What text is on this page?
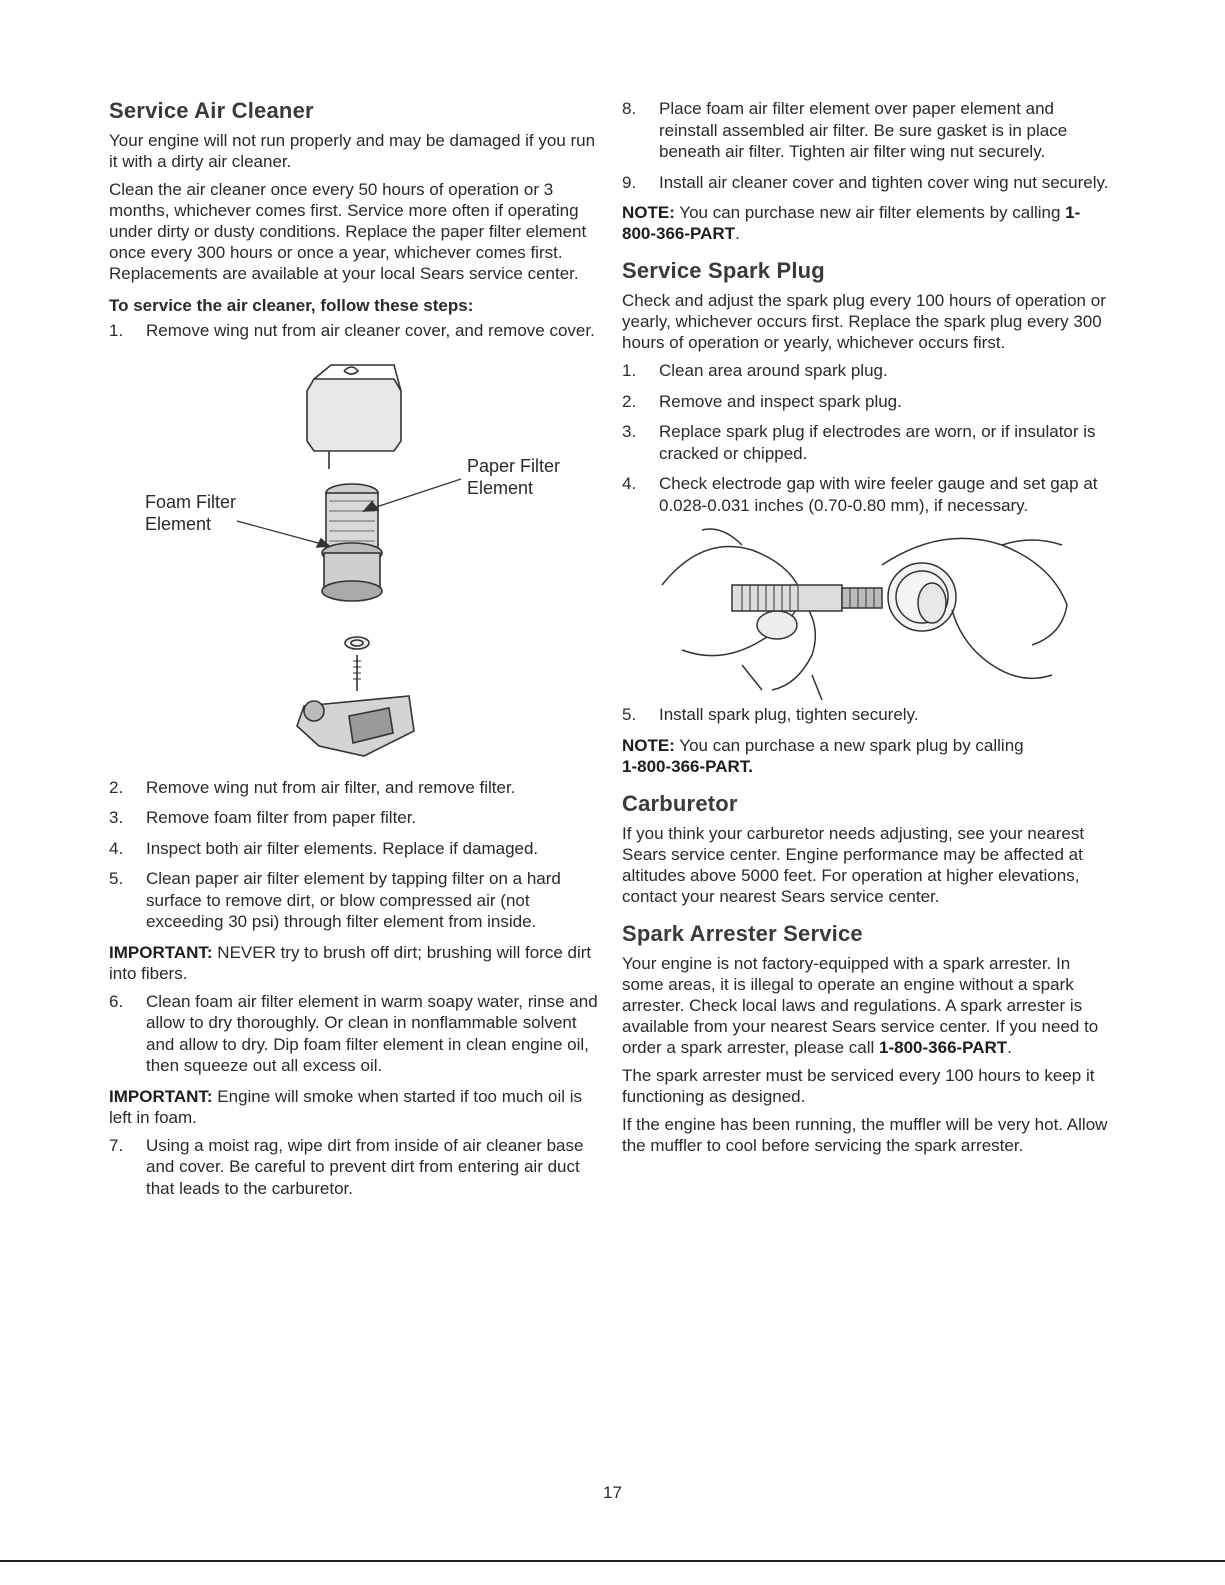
Service Air Cleaner

Your engine will not run properly and may be damaged if you run it with a dirty air cleaner.

Clean the air cleaner once every 50 hours of operation or 3 months, whichever comes first. Service more often if operating under dirty or dusty conditions. Replace the paper filter element once every 300 hours or once a year, whichever comes first. Replacements are available at your local Sears service center.

To service the air cleaner, follow these steps:
1.	Remove wing nut from air cleaner cover, and remove cover.
Paper Filter
Element
Foam Filter
Element
2.	Remove wing nut from air filter, and remove filter.
3.	Remove foam filter from paper filter.
4.	Inspect both air filter elements. Replace if damaged.
5.	Clean paper air filter element by tapping filter on a hard surface to remove dirt, or blow compressed air (not exceeding 30 psi) through filter element from inside.

IMPORTANT: NEVER try to brush off dirt; brushing will force dirt into fibers.

6.	Clean foam air filter element in warm soapy water, rinse and allow to dry thoroughly. Or clean in nonflammable solvent and allow to dry. Dip foam filter element in clean engine oil, then squeeze out all excess oil.

IMPORTANT: Engine will smoke when started if too much oil is left in foam.

7.	Using a moist rag, wipe dirt from inside of air cleaner base and cover. Be careful to prevent dirt from entering air duct that leads to the carburetor.
8.	Place foam air filter element over paper element and reinstall assembled air filter. Be sure gasket is in place beneath air filter. Tighten air filter wing nut securely.
9.	Install air cleaner cover and tighten cover wing nut securely.

NOTE: You can purchase new air filter elements by calling 1-800-366-PART.

Service Spark Plug

Check and adjust the spark plug every 100 hours of operation or yearly, whichever occurs first. Replace the spark plug every 300 hours of operation or yearly, whichever occurs first.

1.	Clean area around spark plug.
2.	Remove and inspect spark plug.
3.	Replace spark plug if electrodes are worn, or if insulator is cracked or chipped.
4.	Check electrode gap with wire feeler gauge and set gap at 0.028-0.031 inches (0.70-0.80 mm), if necessary.
5.	Install spark plug, tighten securely.

NOTE: You can purchase a new spark plug by calling
1-800-366-PART.

Carburetor

If you think your carburetor needs adjusting, see your nearest Sears service center. Engine performance may be affected at altitudes above 5000 feet. For operation at higher elevations, contact your nearest Sears service center.

Spark Arrester Service

Your engine is not factory-equipped with a spark arrester. In some areas, it is illegal to operate an engine without a spark arrester. Check local laws and regulations. A spark arrester is available from your nearest Sears service center. If you need to order a spark arrester, please call 1-800-366-PART.

The spark arrester must be serviced every 100 hours to keep it functioning as designed.

If the engine has been running, the muffler will be very hot. Allow the muffler to cool before servicing the spark arrester.

17
